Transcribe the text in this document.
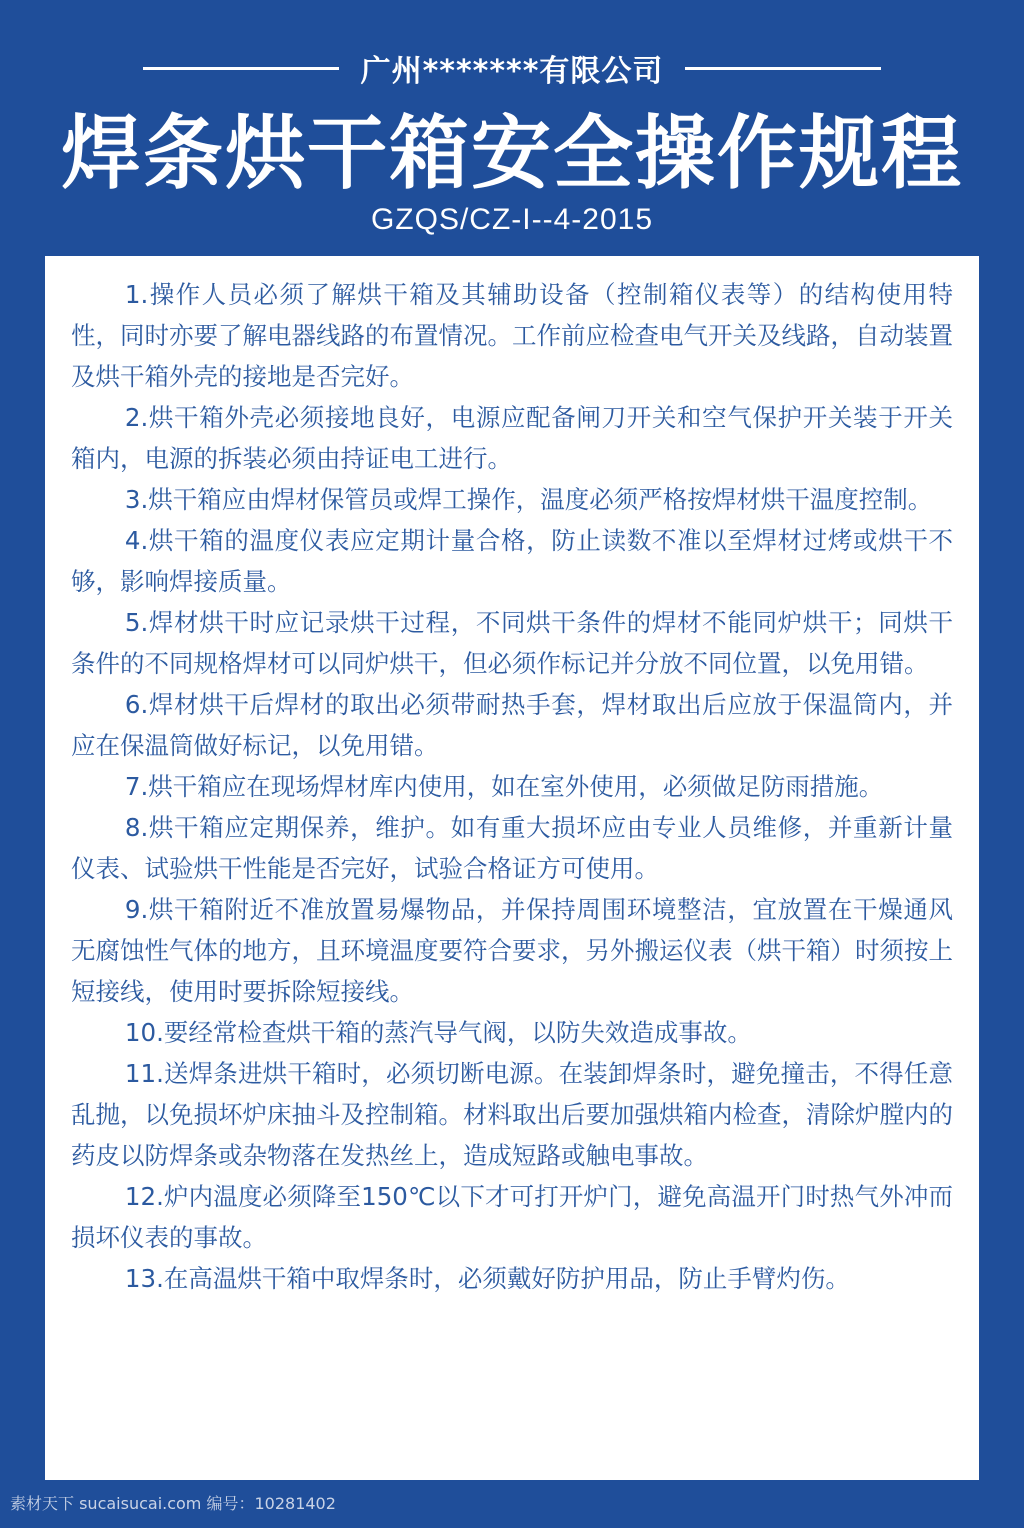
广州*******有限公司
焊条烘干箱安全操作规程
GZQS/CZ-I--4-2015

1.操作人员必须了解烘干箱及其辅助设备（控制箱仪表等）的结构使用特性，同时亦要了解电器线路的布置情况。工作前应检查电气开关及线路，自动装置及烘干箱外壳的接地是否完好。

2.烘干箱外壳必须接地良好，电源应配备闸刀开关和空气保护开关装于开关箱内，电源的拆装必须由持证电工进行。

3.烘干箱应由焊材保管员或焊工操作，温度必须严格按焊材烘干温度控制。

4.烘干箱的温度仪表应定期计量合格，防止读数不准以至焊材过烤或烘干不够，影响焊接质量。

5.焊材烘干时应记录烘干过程，不同烘干条件的焊材不能同炉烘干；同烘干条件的不同规格焊材可以同炉烘干，但必须作标记并分放不同位置，以免用错。

6.焊材烘干后焊材的取出必须带耐热手套，焊材取出后应放于保温筒内，并应在保温筒做好标记，以免用错。

7.烘干箱应在现场焊材库内使用，如在室外使用，必须做足防雨措施。

8.烘干箱应定期保养，维护。如有重大损坏应由专业人员维修，并重新计量仪表、试验烘干性能是否完好，试验合格证方可使用。

9.烘干箱附近不准放置易爆物品，并保持周围环境整洁，宜放置在干燥通风无腐蚀性气体的地方，且环境温度要符合要求，另外搬运仪表（烘干箱）时须按上短接线，使用时要拆除短接线。

10.要经常检查烘干箱的蒸汽导气阀，以防失效造成事故。

11.送焊条进烘干箱时，必须切断电源。在装卸焊条时，避免撞击，不得任意乱抛，以免损坏炉床抽斗及控制箱。材料取出后要加强烘箱内检查，清除炉膛内的药皮以防焊条或杂物落在发热丝上，造成短路或触电事故。

12.炉内温度必须降至150℃以下才可打开炉门，避免高温开门时热气外冲而损坏仪表的事故。

13.在高温烘干箱中取焊条时，必须戴好防护用品，防止手臂灼伤。

素材天下 sucaisucai.com 编号：10281402
